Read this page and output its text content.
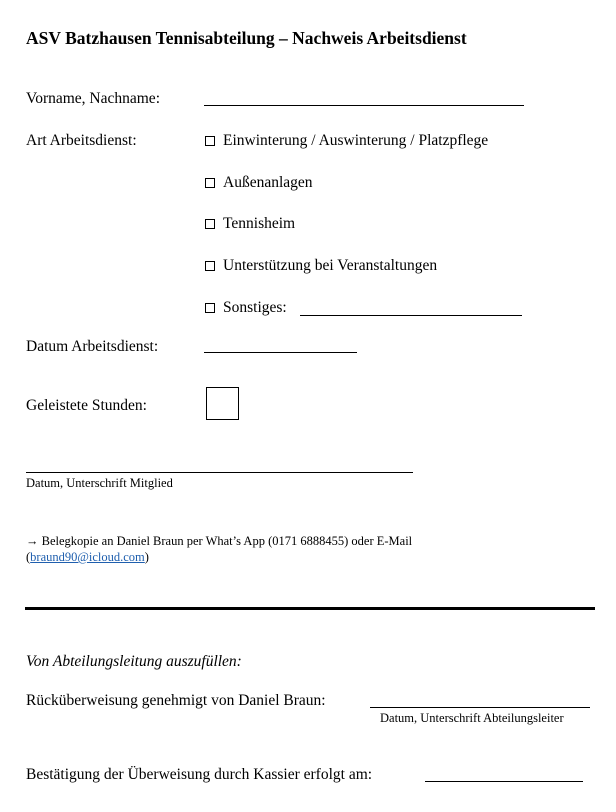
ASV Batzhausen Tennisabteilung – Nachweis Arbeitsdienst
Vorname, Nachname:
Art Arbeitsdienst:	Einwinterung / Auswinterung / Platzpflege
Außenanlagen
Tennisheim
Unterstützung bei Veranstaltungen
Sonstiges:
Datum Arbeitsdienst:
Geleistete Stunden:
Datum, Unterschrift Mitglied
→ Belegkopie an Daniel Braun per What’s App (0171 6888455) oder E-Mail
(braund90@icloud.com)
Von Abteilungsleitung auszufüllen:
Rücküberweisung genehmigt von Daniel Braun:
Datum, Unterschrift Abteilungsleiter
Bestätigung der Überweisung durch Kassier erfolgt am:
